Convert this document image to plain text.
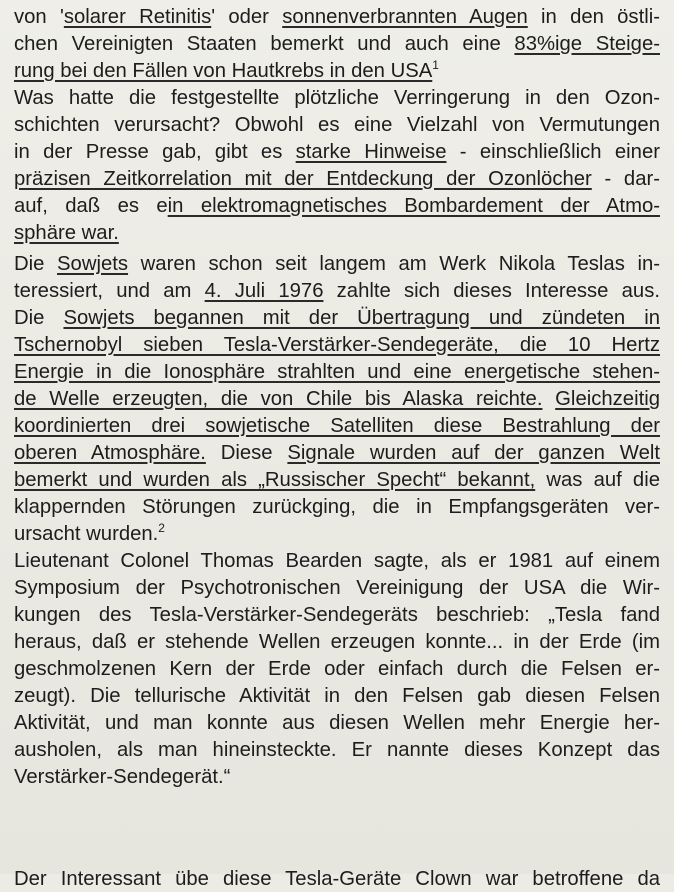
von 'solarer Retinitis' oder sonnenverbrannten Augen in den östli-
chen Vereinigten Staaten bemerkt und auch eine 83%ige Steige-
rung bei den Fällen von Hautkrebs in den USA$^1$
Was hatte die festgestellte plötzliche Verringerung in den Ozon-
schichten verursacht? Obwohl es eine Vielzahl von Vermutungen
in der Presse gab, gibt es starke Hinweise - einschließlich einer
präzisen Zeitkorrelation mit der Entdeckung der Ozonlöcher - dar-
auf, daß es ein elektromagnetisches Bombardement der Atmo-
sphäre war.
Die Sowjets waren schon seit langem am Werk Nikola Teslas in-
teressiert, und am 4. Juli 1976 zahlte sich dieses Interesse aus.
Die Sowjets begannen mit der Übertragung und zündeten in
Tschernobyl sieben Tesla-Verstärker-Sendegeräte, die 10 Hertz
Energie in die Ionosphäre strahlten und eine energetische stehen-
de Welle erzeugten, die von Chile bis Alaska reichte. Gleichzeitig
koordinierten drei sowjetische Satelliten diese Bestrahlung der
oberen Atmosphäre. Diese Signale wurden auf der ganzen Welt
bemerkt und wurden als „Russischer Specht“ bekannt, was auf die
klappernden Störungen zurückging, die in Empfangsgeräten ver-
ursacht wurden.$^2$
Lieutenant Colonel Thomas Bearden sagte, als er 1981 auf einem
Symposium der Psychotronischen Vereinigung der USA die Wir-
kungen des Tesla-Verstärker-Sendegeräts beschrieb: „Tesla fand
heraus, daß er stehende Wellen erzeugen konnte... in der Erde (im
geschmolzenen Kern der Erde oder einfach durch die Felsen er-
zeugt). Die tellurische Aktivität in den Felsen gab diesen Felsen
Aktivität, und man konnte aus diesen Wellen mehr Energie her-
ausholen, als man hineinsteckte. Er nannte dieses Konzept das
Verstärker-Sendegerät.“
Der Interessant übe diese Tesla-Geräte Clown war betroffene da
